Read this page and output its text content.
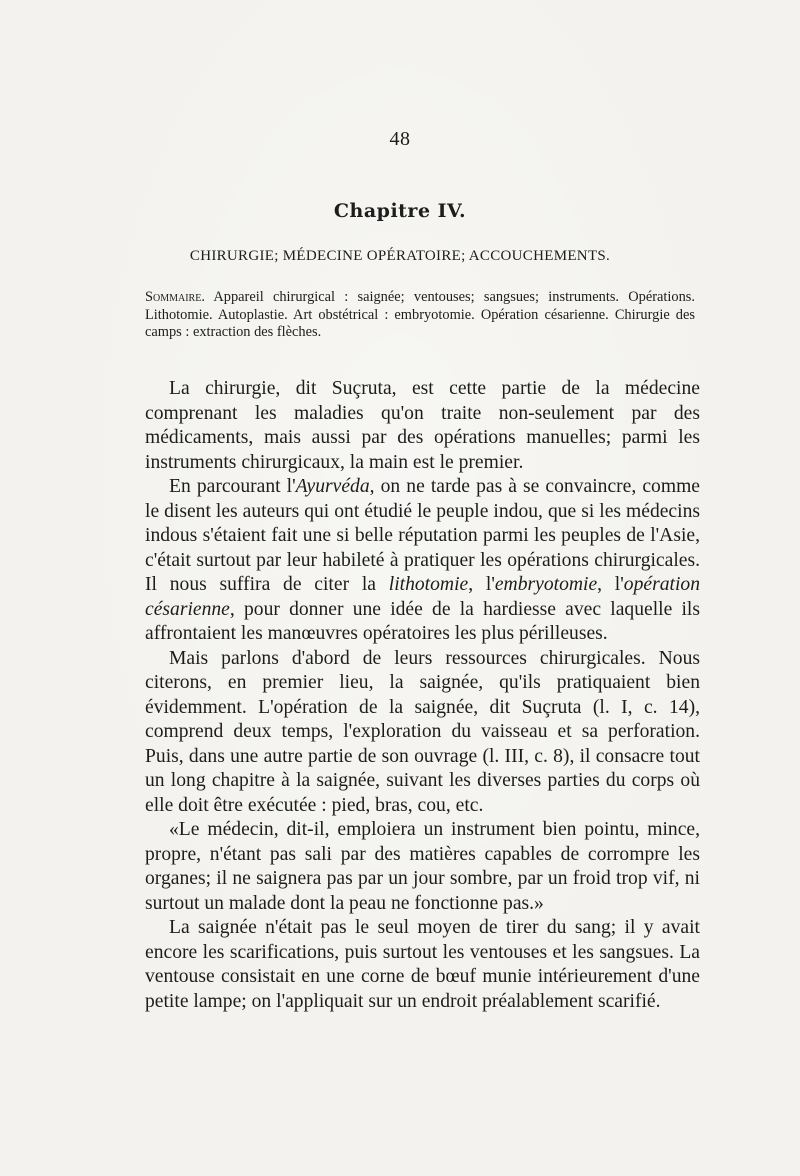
48
Chapitre IV.
CHIRURGIE; MÉDECINE OPÉRATOIRE; ACCOUCHEMENTS.
Sommaire. Appareil chirurgical : saignée; ventouses; sangsues; instruments. Opérations. Lithotomie. Autoplastie. Art obstétrical : embryotomie. Opération césarienne. Chirurgie des camps : extraction des flèches.

La chirurgie, dit Suçruta, est cette partie de la médecine comprenant les maladies qu'on traite non-seulement par des médicaments, mais aussi par des opérations manuelles; parmi les instruments chirurgicaux, la main est le premier.

En parcourant l'Ayurvéda, on ne tarde pas à se convaincre, comme le disent les auteurs qui ont étudié le peuple indou, que si les médecins indous s'étaient fait une si belle réputation parmi les peuples de l'Asie, c'était surtout par leur habileté à pratiquer les opérations chirurgicales. Il nous suffira de citer la lithotomie, l'embryotomie, l'opération césarienne, pour donner une idée de la hardiesse avec laquelle ils affrontaient les manœuvres opératoires les plus périlleuses.

Mais parlons d'abord de leurs ressources chirurgicales. Nous citerons, en premier lieu, la saignée, qu'ils pratiquaient bien évidemment. L'opération de la saignée, dit Suçruta (l. I, c. 14), comprend deux temps, l'exploration du vaisseau et sa perforation. Puis, dans une autre partie de son ouvrage (l. III, c. 8), il consacre tout un long chapitre à la saignée, suivant les diverses parties du corps où elle doit être exécutée : pied, bras, cou, etc.

«Le médecin, dit-il, emploiera un instrument bien pointu, mince, propre, n'étant pas sali par des matières capables de corrompre les organes; il ne saignera pas par un jour sombre, par un froid trop vif, ni surtout un malade dont la peau ne fonctionne pas.»

La saignée n'était pas le seul moyen de tirer du sang; il y avait encore les scarifications, puis surtout les ventouses et les sangsues. La ventouse consistait en une corne de bœuf munie intérieurement d'une petite lampe; on l'appliquait sur un endroit préalablement scarifié.
